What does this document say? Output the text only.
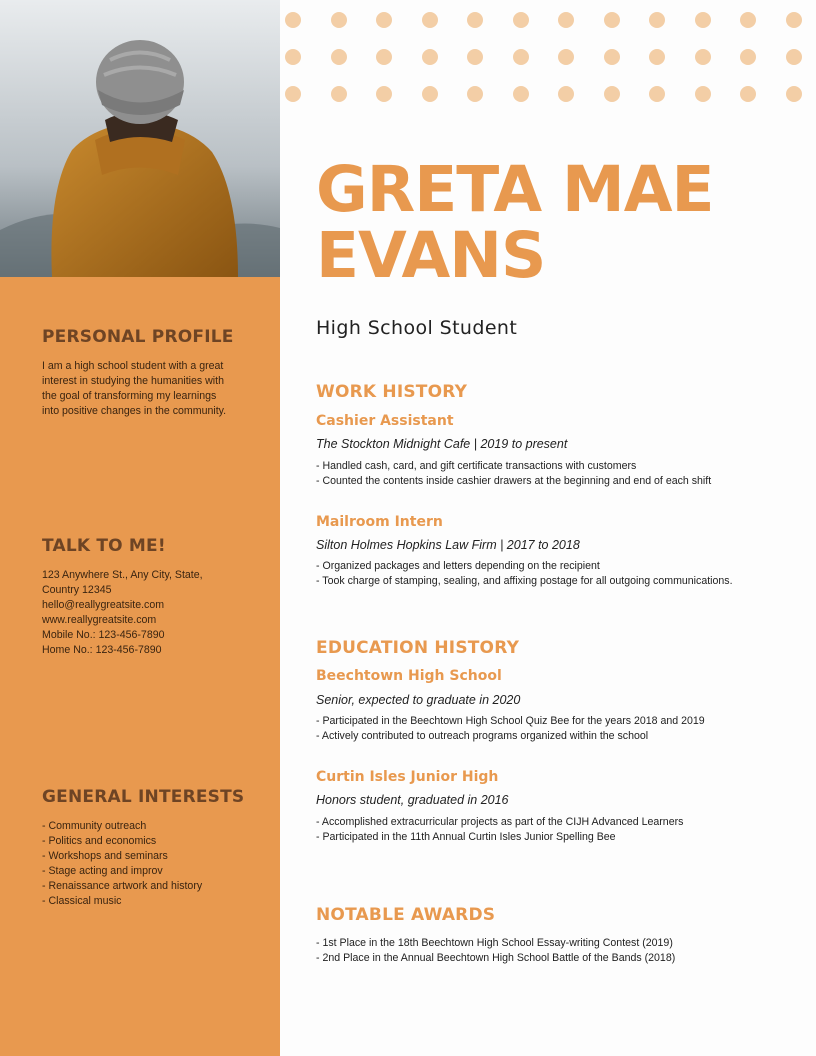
PERSONAL PROFILE
I am a high school student with a great
interest in studying the humanities with
the goal of transforming my learnings
into positive changes in the community.
TALK TO ME!
123 Anywhere St., Any City, State,
Country 12345
hello@reallygreatsite.com
www.reallygreatsite.com
Mobile No.: 123-456-7890
Home No.: 123-456-7890
GENERAL INTERESTS
- Community outreach
- Politics and economics
- Workshops and seminars
- Stage acting and improv
- Renaissance artwork and history
- Classical music
GRETA MAE
EVANS
High School Student
WORK HISTORY
Cashier Assistant
The Stockton Midnight Cafe | 2019 to present
- Handled cash, card, and gift certificate transactions with customers
- Counted the contents inside cashier drawers at the beginning and end of each shift
Mailroom Intern
Silton Holmes Hopkins Law Firm | 2017 to 2018
- Organized packages and letters depending on the recipient
- Took charge of stamping, sealing, and affixing postage for all outgoing communications.
EDUCATION HISTORY
Beechtown High School
Senior, expected to graduate in 2020
- Participated in the Beechtown High School Quiz Bee for the years 2018 and 2019
- Actively contributed to outreach programs organized within the school
Curtin Isles Junior High
Honors student, graduated in 2016
- Accomplished extracurricular projects as part of the CIJH Advanced Learners
- Participated in the 11th Annual Curtin Isles Junior Spelling Bee
NOTABLE AWARDS
- 1st Place in the 18th Beechtown High School Essay-writing Contest (2019)
- 2nd Place in the Annual Beechtown High School Battle of the Bands (2018)
